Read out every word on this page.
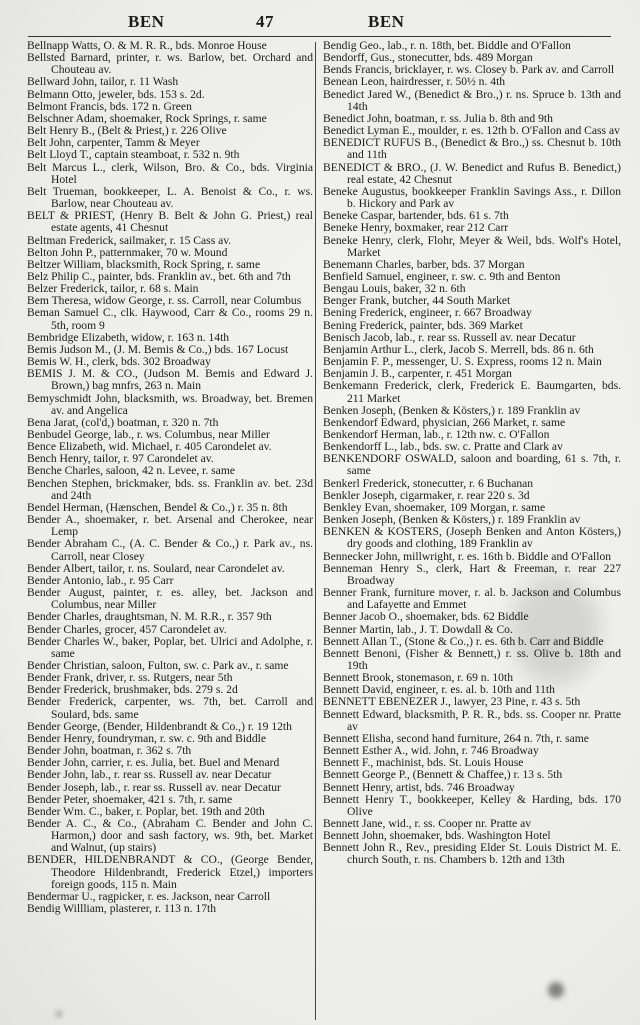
BEN	47	BEN
Bellnapp Watts, O. & M. R. R., bds. Monroe House
Bellsted Barnard, printer, r. ws. Barlow, bet. Orchard and Chouteau av.
Bellward John, tailor, r. 11 Wash
Belmann Otto, jeweler, bds. 153 s. 2d.
Belmont Francis, bds. 172 n. Green
Belschner Adam, shoemaker, Rock Springs, r. same
Belt Henry B., (Belt & Priest,) r. 226 Olive
Belt John, carpenter, Tamm & Meyer
Belt Lloyd T., captain steamboat, r. 532 n. 9th
Belt Marcus L., clerk, Wilson, Bro. & Co., bds. Virginia Hotel
Belt Trueman, bookkeeper, L. A. Benoist & Co., r. ws. Barlow, near Chouteau av.
BELT & PRIEST, (Henry B. Belt & John G. Priest,) real estate agents, 41 Chesnut
Beltman Frederick, sailmaker, r. 15 Cass av.
Belton John P., patternmaker, 70 w. Mound
Beltzer William, blacksmith, Rock Spring, r. same
Belz Philip C., painter, bds. Franklin av., bet. 6th and 7th
Belzer Frederick, tailor, r. 68 s. Main
Bem Theresa, widow George, r. ss. Carroll, near Columbus
Beman Samuel C., clk. Haywood, Carr & Co., rooms 29 n. 5th, room 9
Bembridge Elizabeth, widow, r. 163 n. 14th
Bemis Judson M., (J. M. Bemis & Co.,) bds. 167 Locust
Bemis W. H., clerk, bds. 302 Broadway
BEMIS J. M. & CO., (Judson M. Bemis and Edward J. Brown,) bag mnfrs, 263 n. Main
Bemyschmidt John, blacksmith, ws. Broadway, bet. Bremen av. and Angelica
Bena Jarat, (col'd,) boatman, r. 320 n. 7th
Benbudel George, lab., r. ws. Columbus, near Miller
Bence Elizabeth, wid. Michael, r. 405 Carondelet av.
Bench Henry, tailor, r. 97 Carondelet av.
Benche Charles, saloon, 42 n. Levee, r. same
Benchen Stephen, brickmaker, bds. ss. Franklin av. bet. 23d and 24th
Bendel Herman, (Hænschen, Bendel & Co.,) r. 35 n. 8th
Bender A., shoemaker, r. bet. Arsenal and Cherokee, near Lemp
Bender Abraham C., (A. C. Bender & Co.,) r. Park av., ns. Carroll, near Closey
Bender Albert, tailor, r. ns. Soulard, near Carondelet av.
Bender Antonio, lab., r. 95 Carr
Bender August, painter, r. es. alley, bet. Jackson and Columbus, near Miller
Bender Charles, draughtsman, N. M. R.R., r. 357 9th
Bender Charles, grocer, 457 Carondelet av.
Bender Charles W., baker, Poplar, bet. Ulrici and Adolphe, r. same
Bender Christian, saloon, Fulton, sw. c. Park av., r. same
Bender Frank, driver, r. ss. Rutgers, near 5th
Bender Frederick, brushmaker, bds. 279 s. 2d
Bender Frederick, carpenter, ws. 7th, bet. Carroll and Soulard, bds. same
Bender George, (Bender, Hildenbrandt & Co.,) r. 19 12th
Bender Henry, foundryman, r. sw. c. 9th and Biddle
Bender John, boatman, r. 362 s. 7th
Bender John, carrier, r. es. Julia, bet. Buel and Menard
Bender John, lab., r. rear ss. Russell av. near Decatur
Bender Joseph, lab., r. rear ss. Russell av. near Decatur
Bender Peter, shoemaker, 421 s. 7th, r. same
Bender Wm. C., baker, r. Poplar, bet. 19th and 20th
Bender A. C., & Co., (Abraham C. Bender and John C. Harmon,) door and sash factory, ws. 9th, bet. Market and Walnut, (up stairs)
BENDER, HILDENBRANDT & CO., (George Bender, Theodore Hildenbrandt, Frederick Etzel,) importers foreign goods, 115 n. Main
Bendermar U., ragpicker, r. es. Jackson, near Carroll
Bendig Willliam, plasterer, r. 113 n. 17th
Bendig Geo., lab., r. n. 18th, bet. Biddle and O'Fallon
Bendorff, Gus., stonecutter, bds. 489 Morgan
Bends Francis, bricklayer, r. ws. Closey b. Park av. and Carroll
Benean Leon, hairdresser, r. 50½ n. 4th
Benedict Jared W., (Benedict & Bro.,) r. ns. Spruce b. 13th and 14th
Benedict John, boatman, r. ss. Julia b. 8th and 9th
Benedict Lyman E., moulder, r. es. 12th b. O'Fallon and Cass av
BENEDICT RUFUS B., (Benedict & Bro.,) ss. Chesnut b. 10th and 11th
BENEDICT & BRO., (J. W. Benedict and Rufus B. Benedict,) real estate, 42 Chesnut
Beneke Augustus, bookkeeper Franklin Savings Ass., r. Dillon b. Hickory and Park av
Beneke Caspar, bartender, bds. 61 s. 7th
Beneke Henry, boxmaker, rear 212 Carr
Beneke Henry, clerk, Flohr, Meyer & Weil, bds. Wolf's Hotel, Market
Benemann Charles, barber, bds. 37 Morgan
Benfield Samuel, engineer, r. sw. c. 9th and Benton
Bengau Louis, baker, 32 n. 6th
Benger Frank, butcher, 44 South Market
Bening Frederick, engineer, r. 667 Broadway
Bening Frederick, painter, bds. 369 Market
Benisch Jacob, lab., r. rear ss. Russell av. near Decatur
Benjamin Arthur L., clerk, Jacob S. Merrell, bds. 86 n. 6th
Benjamin F. P., messenger, U. S. Express, rooms 12 n. Main
Benjamin J. B., carpenter, r. 451 Morgan
Benkemann Frederick, clerk, Frederick E. Baumgarten, bds. 211 Market
Benken Joseph, (Benken & Kösters,) r. 189 Franklin av
Benkendorf Edward, physician, 266 Market, r. same
Benkendorf Herman, lab., r. 12th nw. c. O'Fallon
Benkendorff L., lab., bds. sw. c. Pratte and Clark av
BENKENDORF OSWALD, saloon and boarding, 61 s. 7th, r. same
Benkerl Frederick, stonecutter, r. 6 Buchanan
Benkler Joseph, cigarmaker, r. rear 220 s. 3d
Benkley Evan, shoemaker, 109 Morgan, r. same
Benken Joseph, (Benken & Kösters,) r. 189 Franklin av
BENKEN & KOSTERS, (Joseph Benken and Anton Kösters,) dry goods and clothing, 189 Franklin av
Bennecker John, millwright, r. es. 16th b. Biddle and O'Fallon
Benneman Henry S., clerk, Hart & Freeman, r. rear 227 Broadway
Benner Frank, furniture mover, r. al. b. Jackson and Columbus and Lafayette and Emmet
Benner Jacob O., shoemaker, bds. 62 Biddle
Benner Martin, lab., J. T. Dowdall & Co.
Bennett Allan T., (Stone & Co.,) r. es. 6th b. Carr and Biddle
Bennett Benoni, (Fisher & Bennett,) r. ss. Olive b. 18th and 19th
Bennett Brook, stonemason, r. 69 n. 10th
Bennett David, engineer, r. es. al. b. 10th and 11th
BENNETT EBENEZER J., lawyer, 23 Pine, r. 43 s. 5th
Bennett Edward, blacksmith, P. R. R., bds. ss. Cooper nr. Pratte av
Bennett Elisha, second hand furniture, 264 n. 7th, r. same
Bennett Esther A., wid. John, r. 746 Broadway
Bennett F., machinist, bds. St. Louis House
Bennett George P., (Bennett & Chaffee,) r. 13 s. 5th
Bennett Henry, artist, bds. 746 Broadway
Bennett Henry T., bookkeeper, Kelley & Harding, bds. 170 Olive
Bennett Jane, wid., r. ss. Cooper nr. Pratte av
Bennett John, shoemaker, bds. Washington Hotel
Bennett John R., Rev., presiding Elder St. Louis District M. E. church South, r. ns. Chambers b. 12th and 13th
